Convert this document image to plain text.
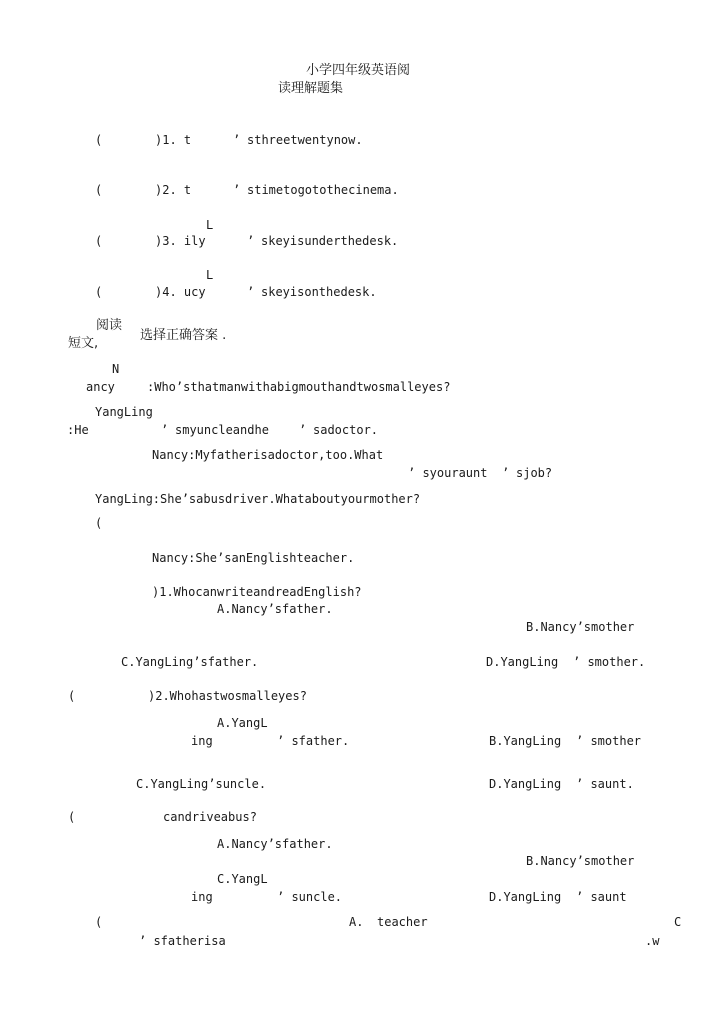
小学四年级英语阅
读理解题集
(	)1. t	’ sthreetwentynow.
(	)2. t	’ stimetogotothecinema.
L
(	)3. ily	’ skeyisunderthedesk.
L
(	)4. ucy	’ skeyisonthedesk.
阅读
短文,
选择正确答案 .
N
ancy	:Who’sthatmanwithabigmouthandtwosmalleyes?
YangLing
:He	’ smyuncleandhe	’ sadoctor.
Nancy:Myfatherisadoctor,too.What
’ syouraunt ’ sjob?
YangLing:She’sabusdriver.Whataboutyourmother?
(
Nancy:She’sanEnglishteacher.
)1.WhocanwriteandreadEnglish?
A.Nancy’sfather.
B.Nancy’smother
C.YangLing’sfather.	D.YangLing ’ smother.
(	)2.Whohastwosmalleyes?
A.YangL
ing	’ sfather.	B.YangLing ’ smother
C.YangLing’suncle.	D.YangLing ’ saunt.
(	candriveabus?
A.Nancy’sfather.
B.Nancy’smother
C.YangL
ing	’ suncle.	D.YangLing ’ saunt
(	A. teacher	C
’ sfatherisa	.w
